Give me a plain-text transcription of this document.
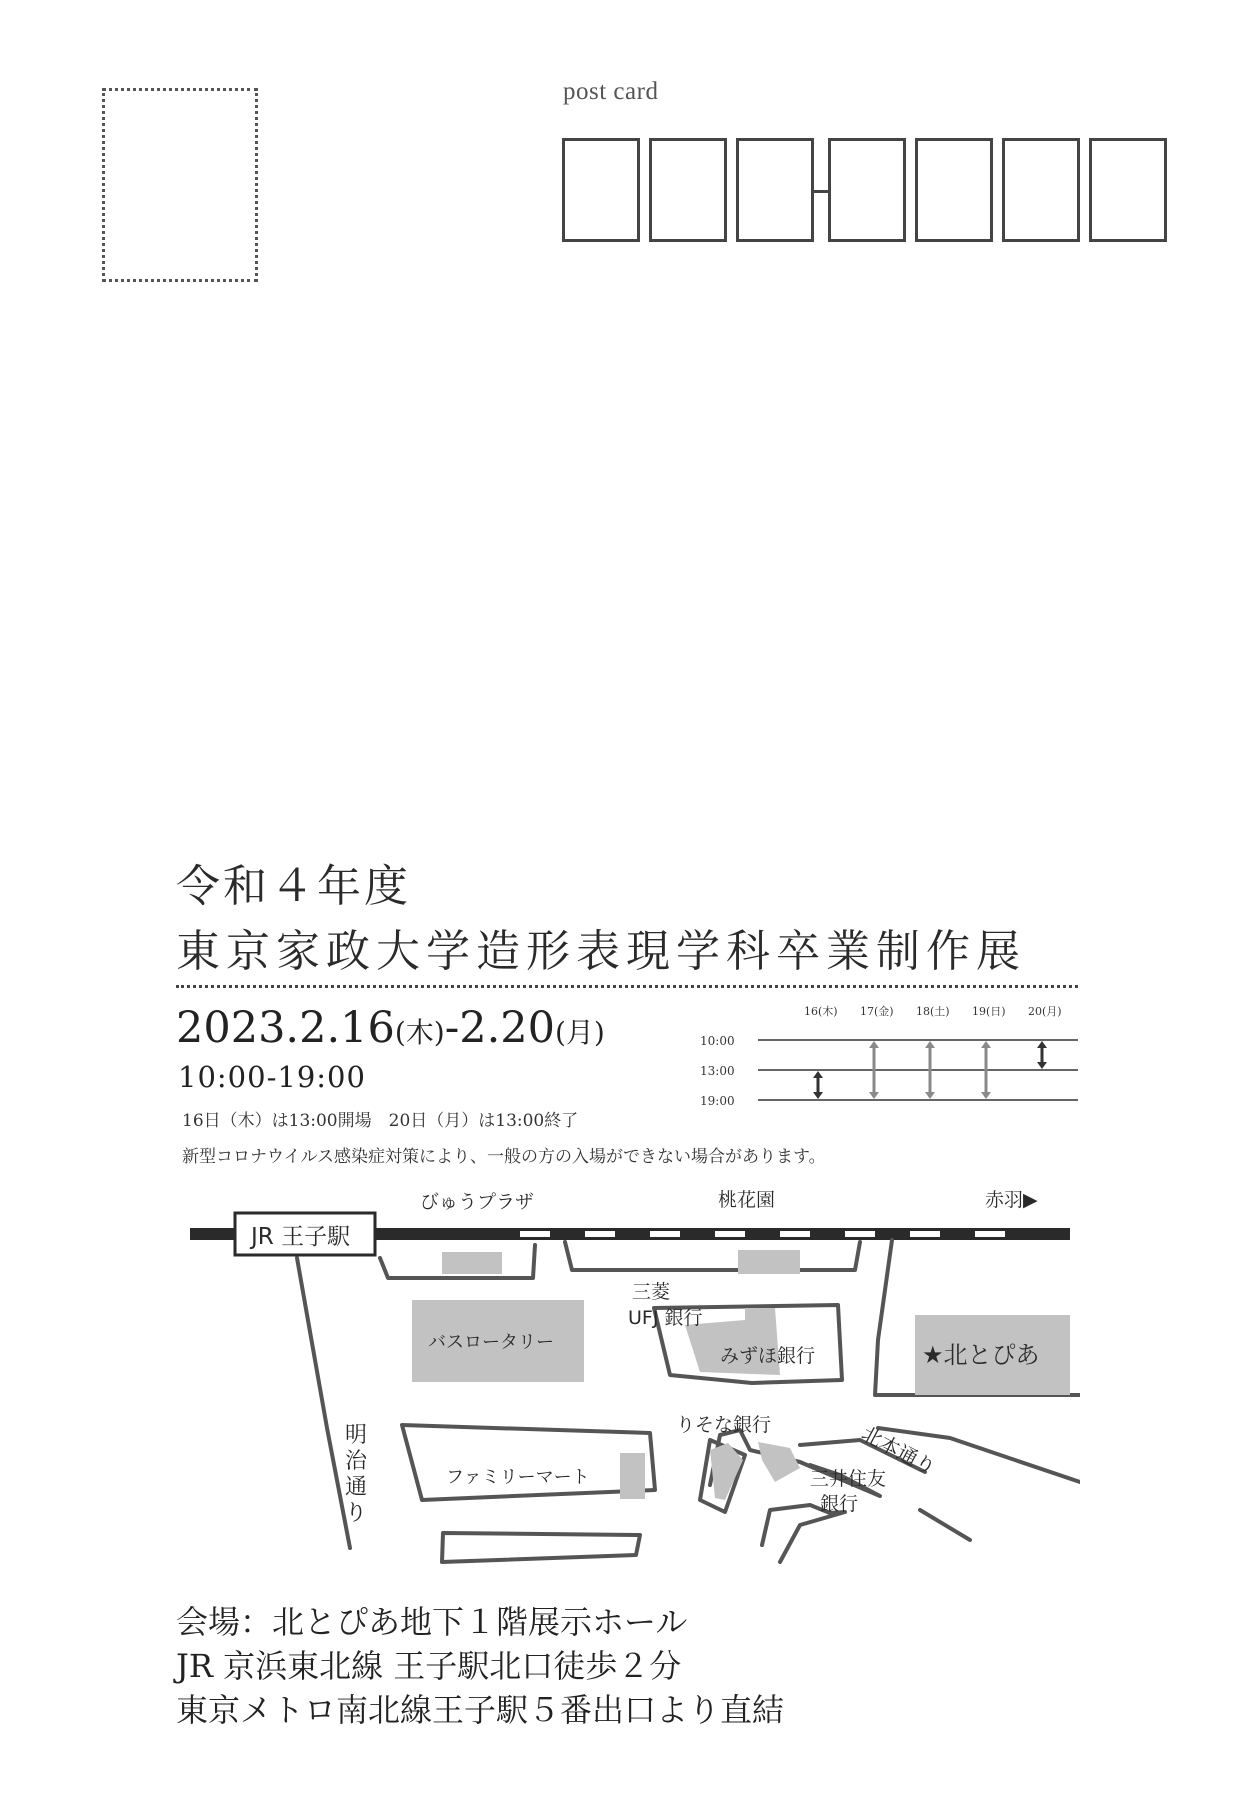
post card
令和４年度
東京家政大学造形表現学科卒業制作展
2023.2.16(木)-2.20(月)
10:00-19:00
16日（木）は13:00開場　20日（月）は13:00終了
新型コロナウイルス感染症対策により、一般の方の入場ができない場合があります。
10:00
13:00
19:00
16(木) 17(金) 18(土) 19(日) 20(月)
JR 王子駅
びゅうプラザ	桃花園	赤羽▶
バスロータリー
三菱
UFJ 銀行
みずほ銀行	★北とぴあ
明
治
通
り
ファミリーマート
りそな銀行
三井住友
銀行
北本通り
会場：北とぴあ地下１階展示ホール
JR 京浜東北線 王子駅北口徒歩２分
東京メトロ南北線王子駅５番出口より直結
